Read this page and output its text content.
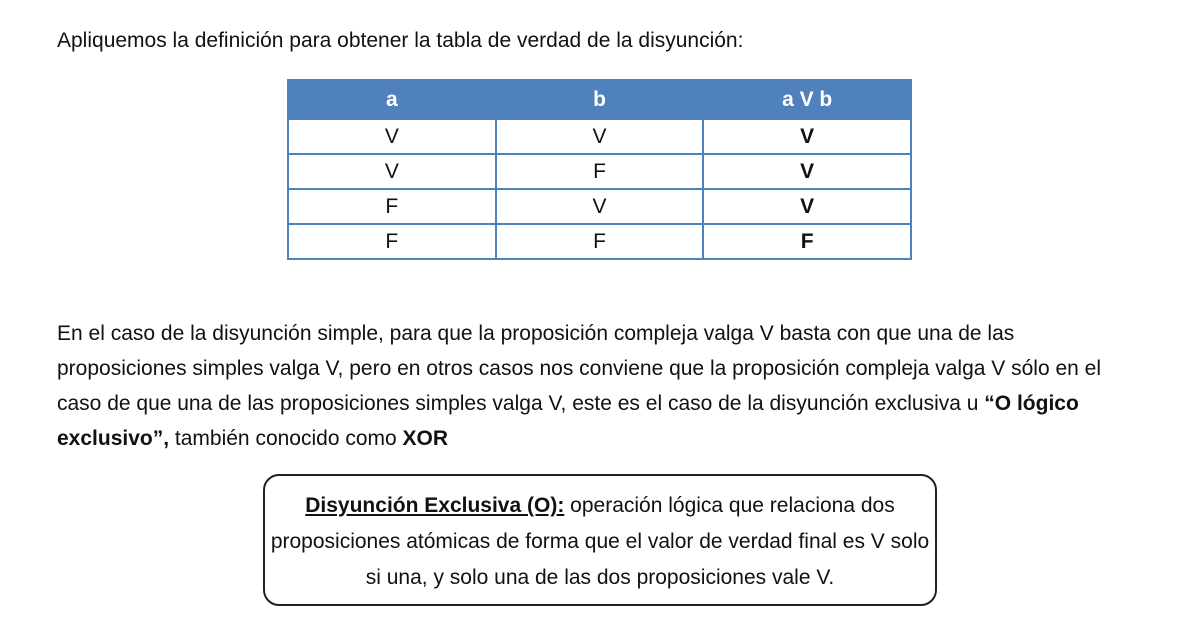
Apliquemos la definición para obtener la tabla de verdad de la disyunción:

a	b	a V b
V	V	V
V	F	V
F	V	V
F	F	F

En el caso de la disyunción simple, para que la proposición compleja valga V basta con que una de las proposiciones simples valga V, pero en otros casos nos conviene que la proposición compleja valga V sólo en el caso de que una de las proposiciones simples valga V, este es el caso de la disyunción exclusiva u “O lógico exclusivo”, también conocido como XOR

Disyunción Exclusiva (O): operación lógica que relaciona dos proposiciones atómicas de forma que el valor de verdad final es V solo si una, y solo una de las dos proposiciones vale V.
